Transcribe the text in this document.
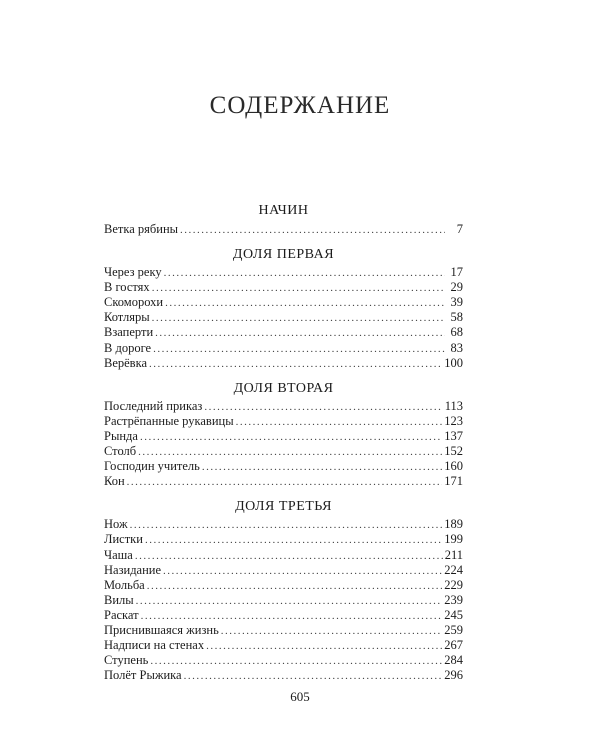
СОДЕРЖАНИЕ
НАЧИН
Ветка рябины .....	7
ДОЛЯ ПЕРВАЯ
Через реку .....	17
В гостях .....	29
Скоморохи .....	39
Котляры .....	58
Взаперти .....	68
В дороге .....	83
Верёвка .....	100
ДОЛЯ ВТОРАЯ
Последний приказ .....	113
Растрёпанные рукавицы .....	123
Рында .....	137
Столб .....	152
Господин учитель .....	160
Кон .....	171
ДОЛЯ ТРЕТЬЯ
Нож .....	189
Листки .....	199
Чаша .....	211
Назидание .....	224
Мольба .....	229
Вилы .....	239
Раскат .....	245
Приснившаяся жизнь .....	259
Надписи на стенах .....	267
Ступень .....	284
Полёт Рыжика .....	296
605
